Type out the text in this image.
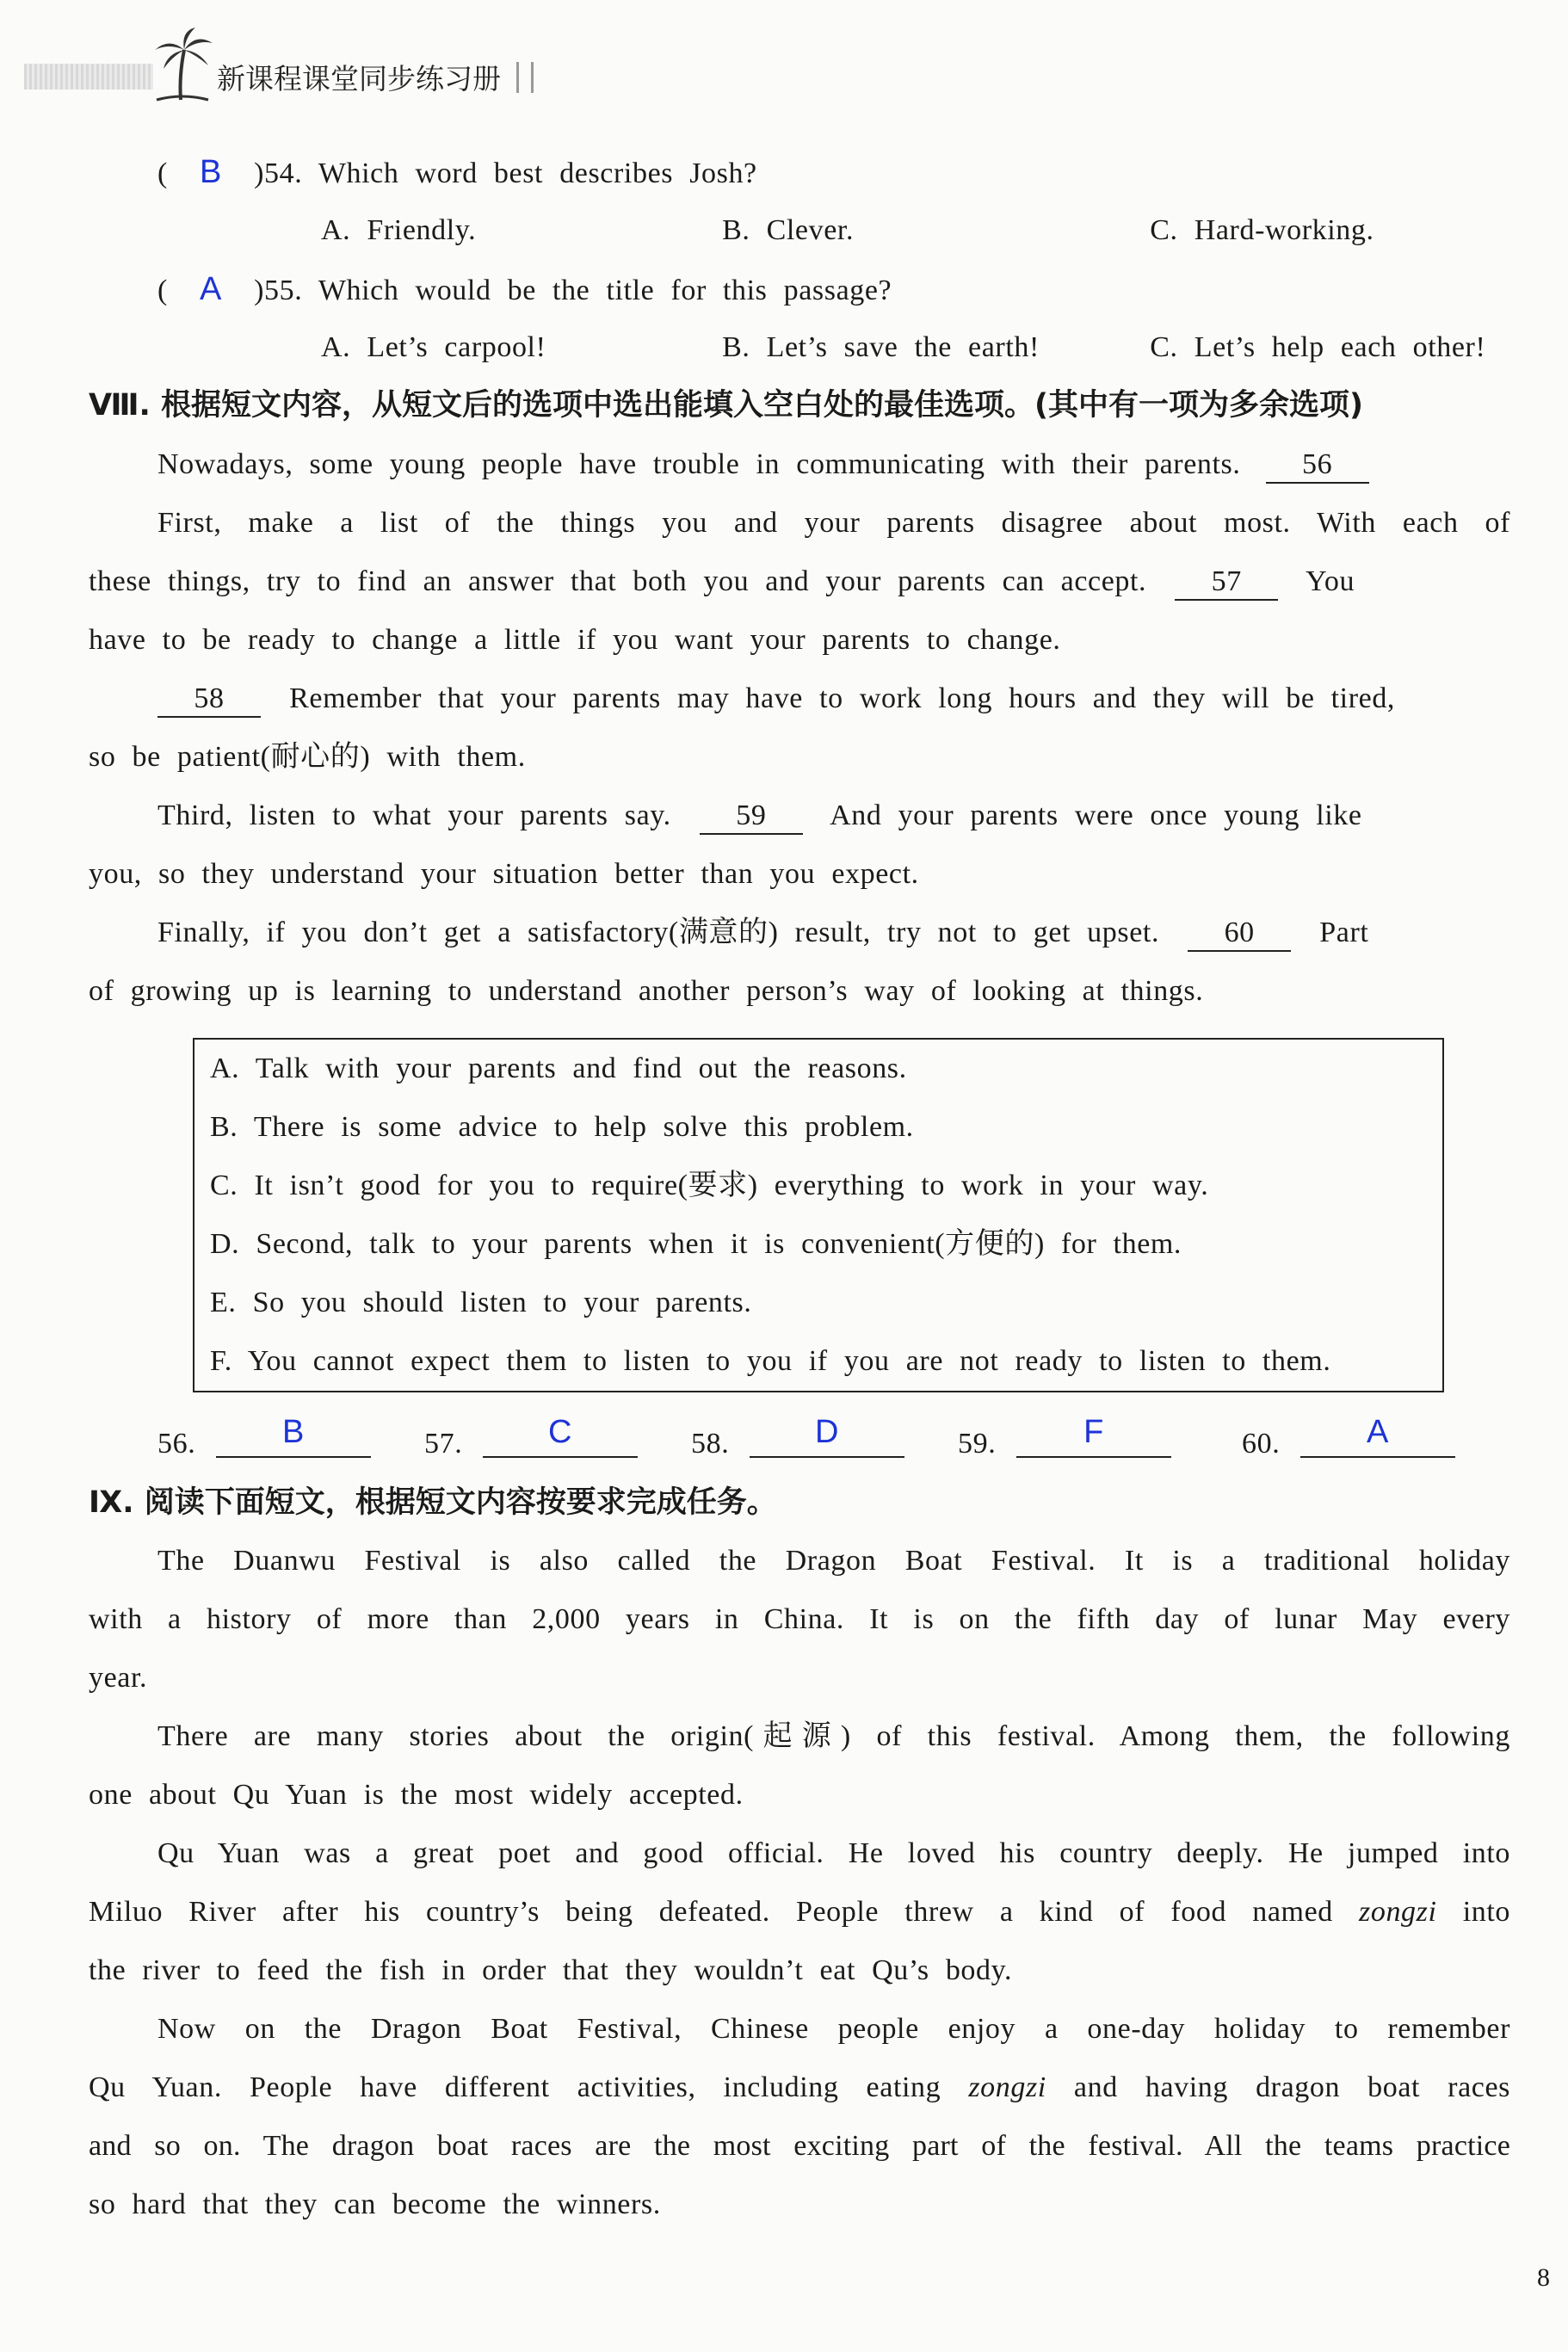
新课程课堂同步练习册
( B )54. Which word best describes Josh?
A. Friendly.	B. Clever.	C. Hard-working.
( A )55. Which would be the title for this passage?
A. Let’s carpool!	B. Let’s save the earth!	C. Let’s help each other!
Ⅷ. 根据短文内容，从短文后的选项中选出能填入空白处的最佳选项。(其中有一项为多余选项)
Nowadays, some young people have trouble in communicating with their parents. 56
First, make a list of the things you and your parents disagree about most. With each of
these things, try to find an answer that both you and your parents can accept. 57 You
have to be ready to change a little if you want your parents to change.
58 Remember that your parents may have to work long hours and they will be tired,
so be patient(耐心的) with them.
Third, listen to what your parents say. 59 And your parents were once young like
you, so they understand your situation better than you expect.
Finally, if you don’t get a satisfactory(满意的) result, try not to get upset. 60 Part
of growing up is learning to understand another person’s way of looking at things.
A. Talk with your parents and find out the reasons.
B. There is some advice to help solve this problem.
C. It isn’t good for you to require(要求) everything to work in your way.
D. Second, talk to your parents when it is convenient(方便的) for them.
E. So you should listen to your parents.
F. You cannot expect them to listen to you if you are not ready to listen to them.
56.	B	57.	C	58.	D	59.	F	60.	A
Ⅸ. 阅读下面短文，根据短文内容按要求完成任务。
The Duanwu Festival is also called the Dragon Boat Festival. It is a traditional holiday
with a history of more than 2,000 years in China. It is on the fifth day of lunar May every
year.
There are many stories about the origin(起源) of this festival. Among them, the following
one about Qu Yuan is the most widely accepted.
Qu Yuan was a great poet and good official. He loved his country deeply. He jumped into
Miluo River after his country’s being defeated. People threw a kind of food named zongzi into
the river to feed the fish in order that they wouldn’t eat Qu’s body.
Now on the Dragon Boat Festival, Chinese people enjoy a one-day holiday to remember
Qu Yuan. People have different activities, including eating zongzi and having dragon boat races
and so on. The dragon boat races are the most exciting part of the festival. All the teams practice
so hard that they can become the winners.
8
